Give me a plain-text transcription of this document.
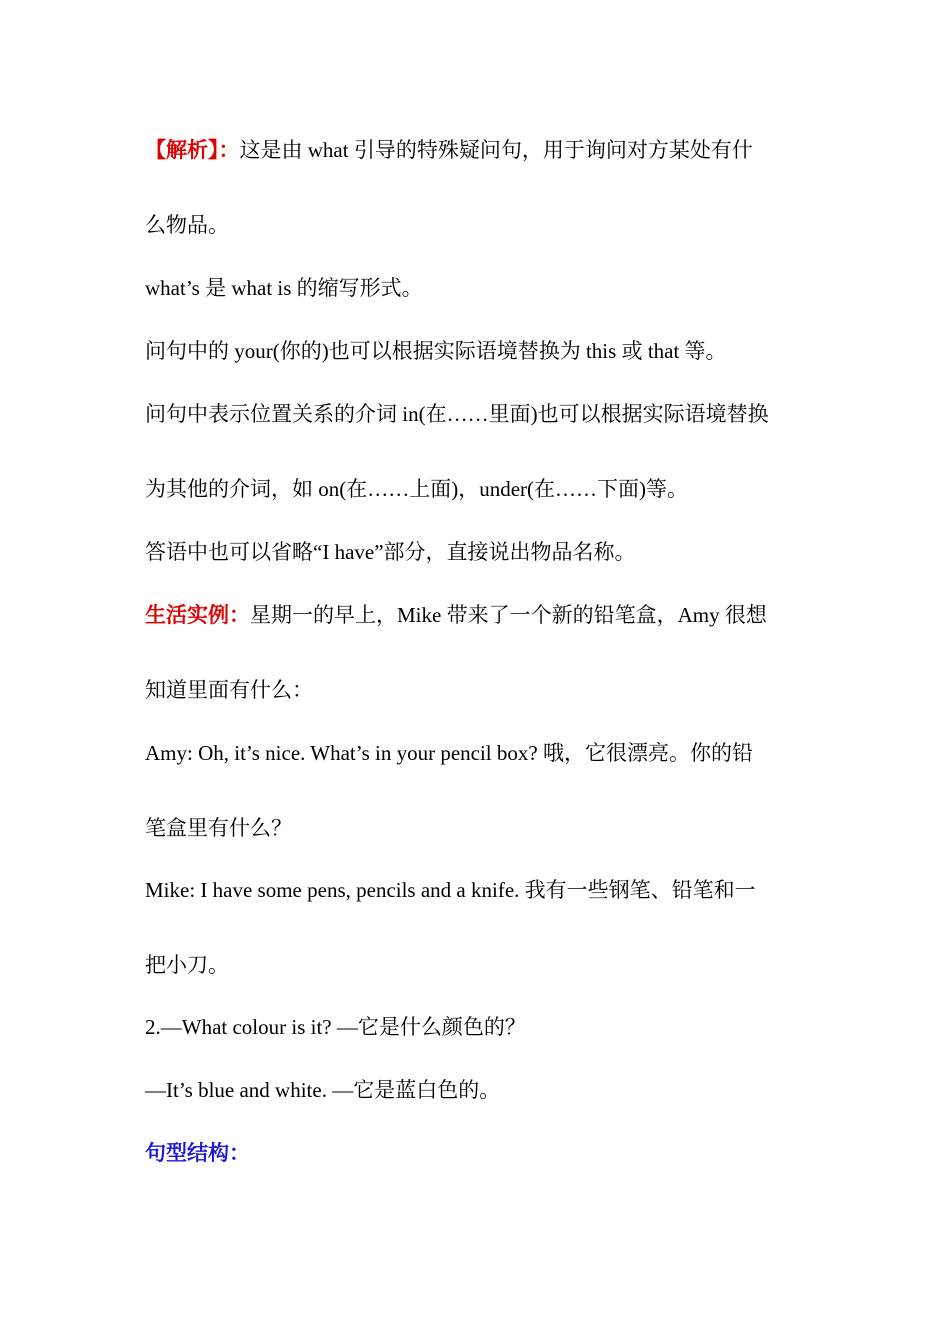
【解析】：这是由 what 引导的特殊疑问句，用于询问对方某处有什
么物品。
what’s 是 what is 的缩写形式。
问句中的 your(你的)也可以根据实际语境替换为 this 或 that 等。
问句中表示位置关系的介词 in(在……里面)也可以根据实际语境替换
为其他的介词，如 on(在……上面)，under(在……下面)等。
答语中也可以省略“I have”部分，直接说出物品名称。
生活实例：星期一的早上，Mike 带来了一个新的铅笔盒，Amy 很想
知道里面有什么：
Amy: Oh, it’s nice. What’s in your pencil box? 哦，它很漂亮。你的铅
笔盒里有什么？
Mike: I have some pens, pencils and a knife. 我有一些钢笔、铅笔和一
把小刀。
2.—What colour is it? —它是什么颜色的？
—It’s blue and white. —它是蓝白色的。
句型结构：
